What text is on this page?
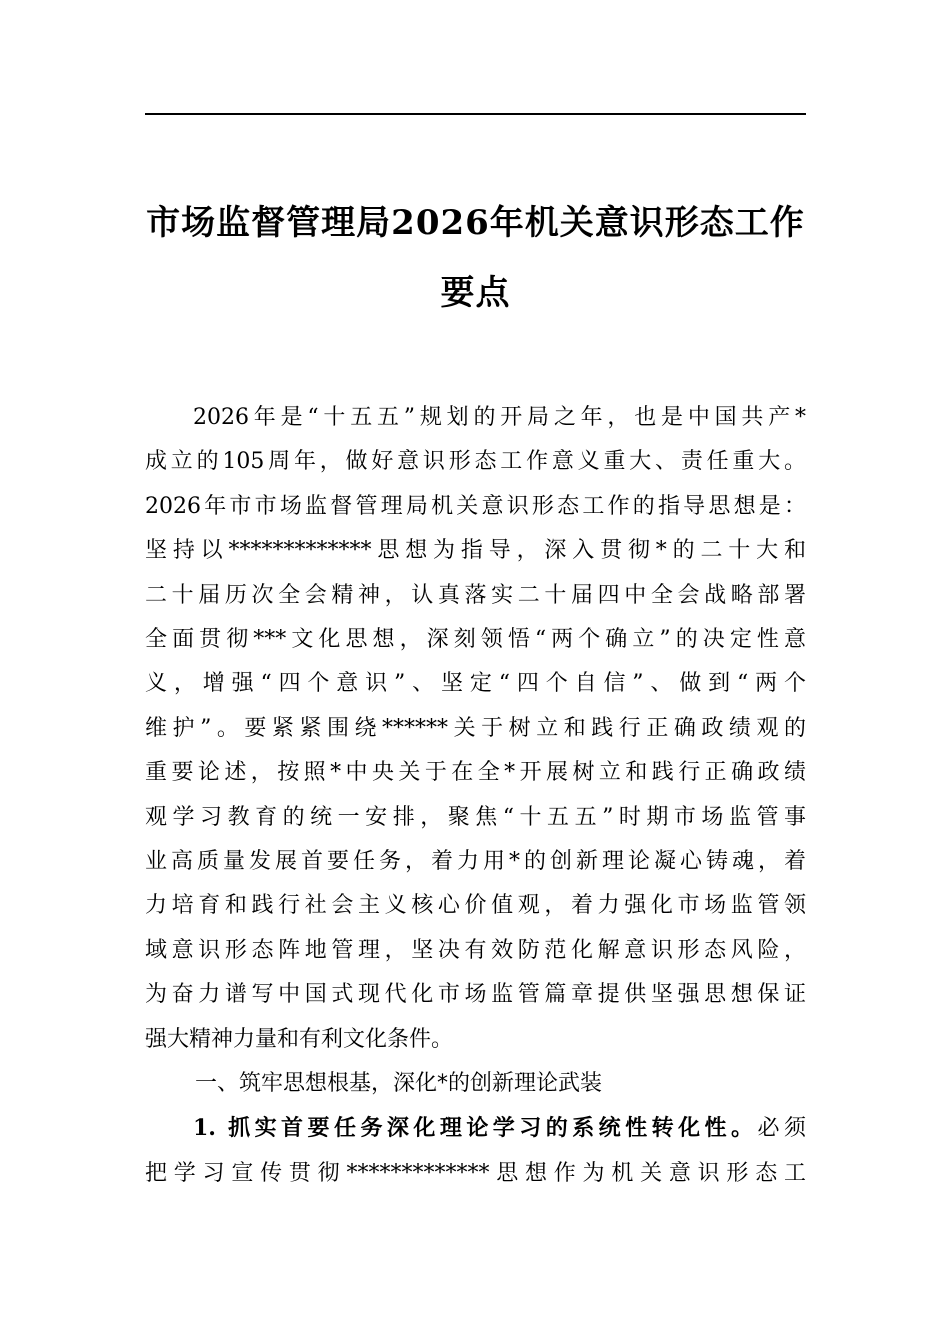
市场监督管理局2026年机关意识形态工作
要点
2026年是“十五五”规划的开局之年，也是中国共产*
成立的105周年，做好意识形态工作意义重大、责任重大。
2026年市市场监督管理局机关意识形态工作的指导思想是：
坚持以*************思想为指导，深入贯彻*的二十大和
二十届历次全会精神，认真落实二十届四中全会战略部署
全面贯彻***文化思想，深刻领悟“两个确立”的决定性意
义，增强“四个意识”、坚定“四个自信”、做到“两个
维护”。要紧紧围绕******关于树立和践行正确政绩观的
重要论述，按照*中央关于在全*开展树立和践行正确政绩
观学习教育的统一安排，聚焦“十五五”时期市场监管事
业高质量发展首要任务，着力用*的创新理论凝心铸魂，着
力培育和践行社会主义核心价值观，着力强化市场监管领
域意识形态阵地管理，坚决有效防范化解意识形态风险，
为奋力谱写中国式现代化市场监管篇章提供坚强思想保证
强大精神力量和有利文化条件。
一、筑牢思想根基，深化*的创新理论武装
1. 抓实首要任务深化理论学习的系统性转化性。必须
把学习宣传贯彻*************思想作为机关意识形态工
